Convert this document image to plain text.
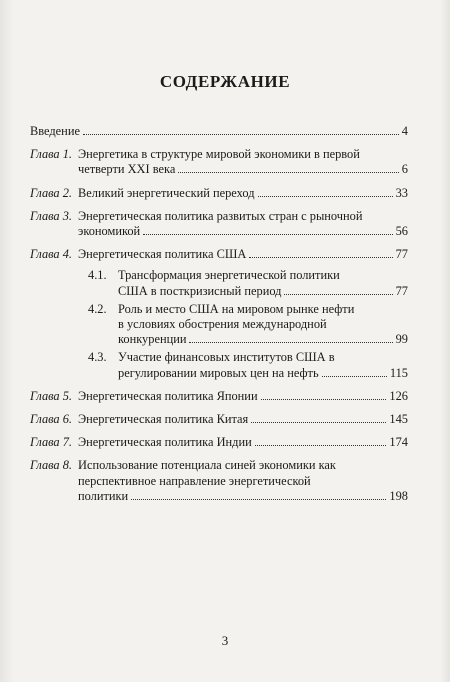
СОДЕРЖАНИЕ
Введение	4
Глава 1. Энергетика в структуре мировой экономики в первой
четверти XXI века	6
Глава 2. Великий энергетический переход	33
Глава 3. Энергетическая политика развитых стран с рыночной
экономикой	56
Глава 4. Энергетическая политика США	77
4.1. Трансформация энергетической политики
США в посткризисный период	77
4.2. Роль и место США на мировом рынке нефти
в условиях обострения международной
конкуренции	99
4.3. Участие финансовых институтов США в
регулировании мировых цен на нефть	115
Глава 5. Энергетическая политика Японии	126
Глава 6. Энергетическая политика Китая	145
Глава 7. Энергетическая политика Индии	174
Глава 8. Использование потенциала синей экономики как
перспективное направление энергетической
политики	198
3
